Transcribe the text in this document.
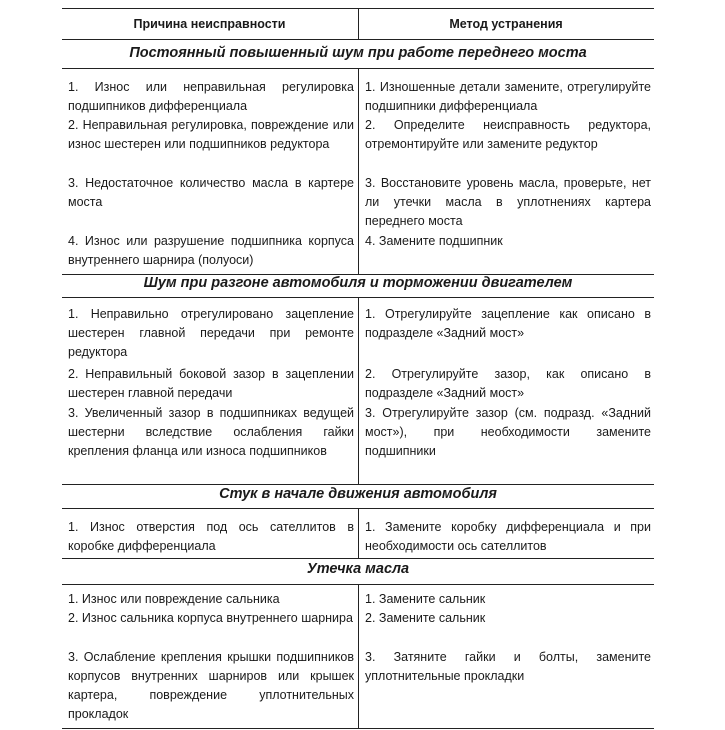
Причина неисправности	Метод устранения
Постоянный повышенный шум при работе переднего моста
1. Износ или неправильная регулировка подшипников дифференциала
1. Изношенные детали замените, отрегулируйте подшипники дифференциала
2. Неправильная регулировка, повреждение или износ шестерен или подшипников редуктора
2. Определите неисправность редуктора, отремонтируйте или замените редуктор
3. Недостаточное количество масла в картере моста
3. Восстановите уровень масла, проверьте, нет ли утечки масла в уплотнениях картера переднего моста
4. Износ или разрушение подшипника корпуса внутреннего шарнира (полуоси)
4. Замените подшипник
Шум при разгоне автомобиля и торможении двигателем
1. Неправильно отрегулировано зацепление шестерен главной передачи при ремонте редуктора
1. Отрегулируйте зацепление как описано в подразделе «Задний мост»
2. Неправильный боковой зазор в зацеплении шестерен главной передачи
2. Отрегулируйте зазор, как описано в подразделе «Задний мост»
3. Увеличенный зазор в подшипниках ведущей шестерни вследствие ослабления гайки крепления фланца или износа подшипников
3. Отрегулируйте зазор (см. подразд. «Задний мост»), при необходимости замените подшипники
Стук в начале движения автомобиля
1. Износ отверстия под ось сателлитов в коробке дифференциала
1. Замените коробку дифференциала и при необходимости ось сателлитов
Утечка масла
1. Износ или повреждение сальника	1. Замените сальник
2. Износ сальника корпуса внутреннего шарнира 2. Замените сальник
3. Ослабление крепления крышки подшипников корпусов внутренних шарниров или крышек картера, повреждение уплотнительных прокладок
3. Затяните гайки и болты, замените уплотнительные прокладки
